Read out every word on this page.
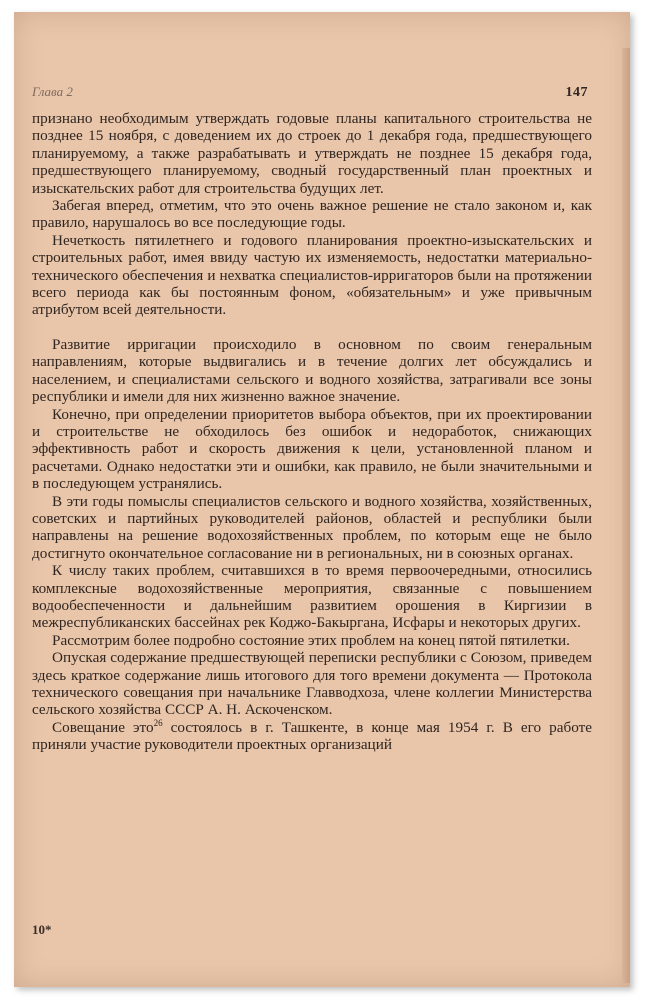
Глава 2	147

признано необходимым утверждать годовые планы капитального строительства не позднее 15 ноября, с доведением их до строек до 1 декабря года, предшествующего планируемому, а также разрабатывать и утверждать не позднее 15 декабря года, предшествующего планируемому, сводный государственный план проектных и изыскательских работ для строительства будущих лет.

Забегая вперед, отметим, что это очень важное решение не стало законом и, как правило, нарушалось во все последующие годы.

Нечеткость пятилетнего и годового планирования проектно-изыскательских и строительных работ, имея ввиду частую их изменяемость, недостатки материально-технического обеспечения и нехватка специалистов-ирригаторов были на протяжении всего периода как бы постоянным фоном, «обязательным» и уже привычным атрибутом всей деятельности.

Развитие ирригации происходило в основном по своим генеральным направлениям, которые выдвигались и в течение долгих лет обсуждались и населением, и специалистами сельского и водного хозяйства, затрагивали все зоны республики и имели для них жизненно важное значение.

Конечно, при определении приоритетов выбора объектов, при их проектировании и строительстве не обходилось без ошибок и недоработок, снижающих эффективность работ и скорость движения к цели, установленной планом и расчетами. Однако недостатки эти и ошибки, как правило, не были значительными и в последующем устранялись.

В эти годы помыслы специалистов сельского и водного хозяйства, хозяйственных, советских и партийных руководителей районов, областей и республики были направлены на решение водохозяйственных проблем, по которым еще не было достигнуто окончательное согласование ни в региональных, ни в союзных органах.

К числу таких проблем, считавшихся в то время первоочередными, относились комплексные водохозяйственные мероприятия, связанные с повышением водообеспеченности и дальнейшим развитием орошения в Киргизии в межреспубликанских бассейнах рек Коджо-Бакыргана, Исфары и некоторых других.

Рассмотрим более подробно состояние этих проблем на конец пятой пятилетки.

Опуская содержание предшествующей переписки республики с Союзом, приведем здесь краткое содержание лишь итогового для того времени документа — Протокола технического совещания при начальнике Главводхоза, члене коллегии Министерства сельского хозяйства СССР А. Н. Аскоченском.

Совещание это$^{26}$ состоялось в г. Ташкенте, в конце мая 1954 г. В его работе приняли участие руководители проектных организаций

10*
